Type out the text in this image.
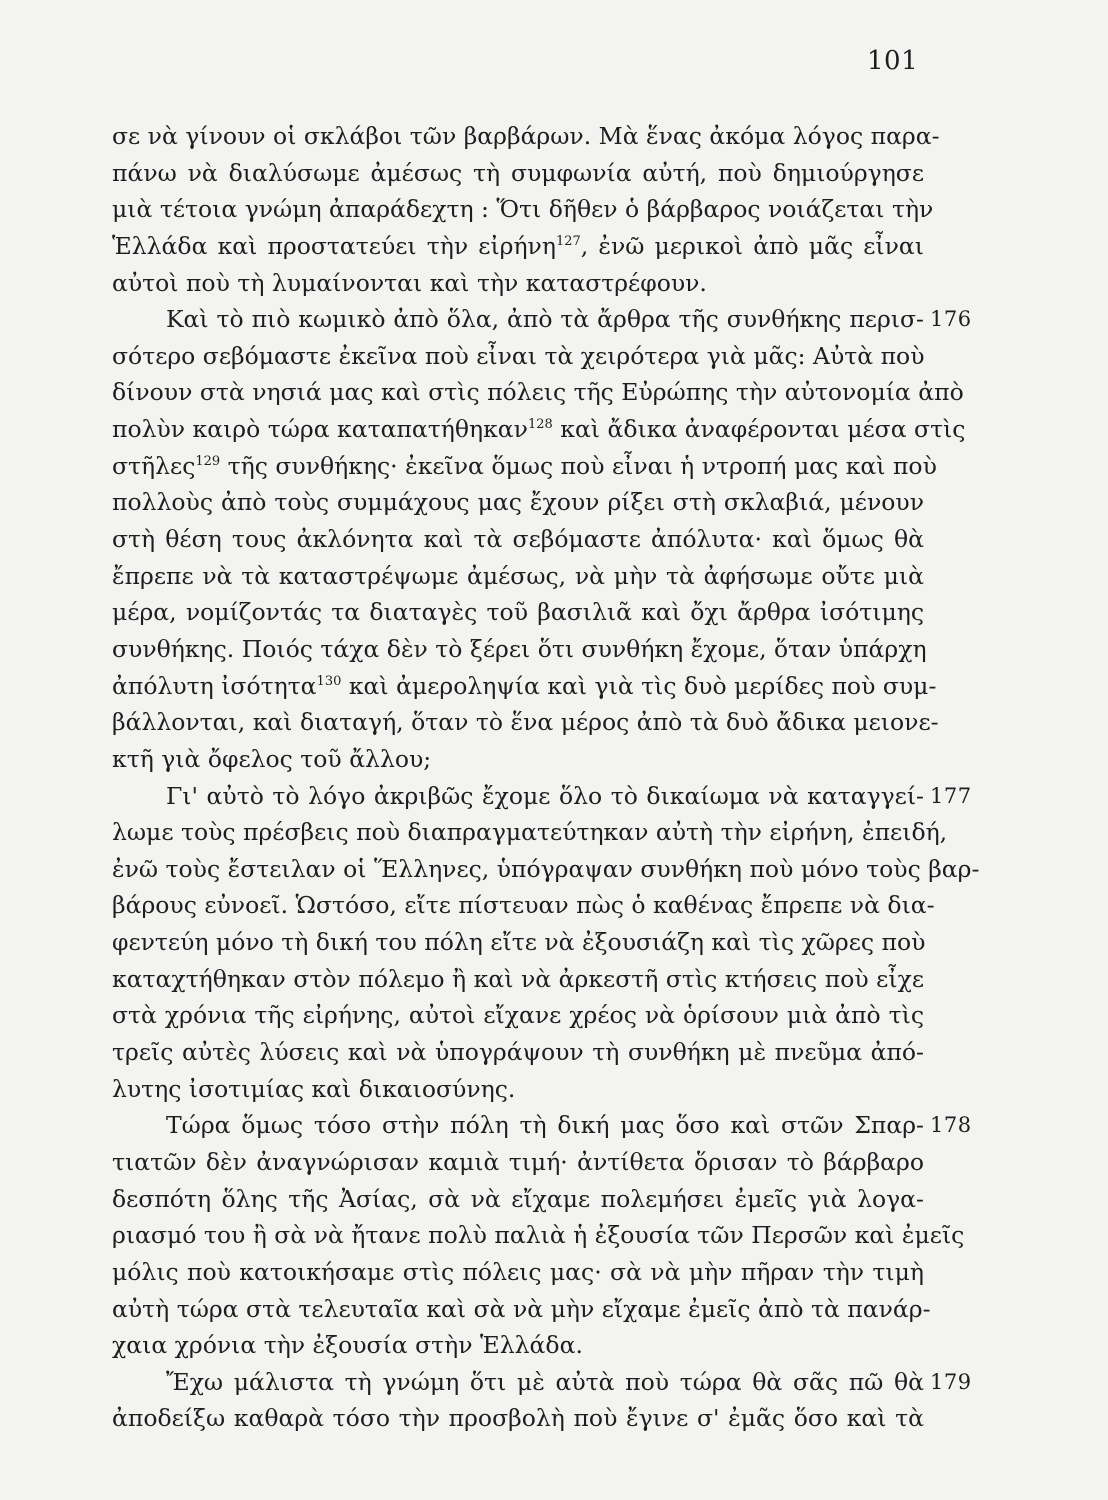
101
σε νὰ γίνουν οἱ σκλάβοι τῶν βαρβάρων. Μὰ ἕνας ἀκόμα λόγος παρα-
πάνω νὰ διαλύσωμε ἀμέσως τὴ συμφωνία αὐτή, ποὺ δημιούργησε
μιὰ τέτοια γνώμη ἀπαράδεχτη : Ὅτι δῆθεν ὁ βάρβαρος νοιάζεται τὴν
Ἑλλάδα καὶ προστατεύει τὴν εἰρήνη$^{127}$, ἐνῶ μερικοὶ ἀπὸ μᾶς εἶναι
αὐτοὶ ποὺ τὴ λυμαίνονται καὶ τὴν καταστρέφουν.
Καὶ τὸ πιὸ κωμικὸ ἀπὸ ὅλα, ἀπὸ τὰ ἄρθρα τῆς συνθήκης περισ- 176
σότερο σεβόμαστε ἐκεῖνα ποὺ εἶναι τὰ χειρότερα γιὰ μᾶς: Αὐτὰ ποὺ
δίνουν στὰ νησιά μας καὶ στὶς πόλεις τῆς Εὐρώπης τὴν αὐτονομία ἀπὸ
πολὺν καιρὸ τώρα καταπατήθηκαν$^{128}$ καὶ ἄδικα ἀναφέρονται μέσα στὶς
στῆλες$^{129}$ τῆς συνθήκης· ἐκεῖνα ὅμως ποὺ εἶναι ἡ ντροπή μας καὶ ποὺ
πολλοὺς ἀπὸ τοὺς συμμάχους μας ἔχουν ρίξει στὴ σκλαβιά, μένουν
στὴ θέση τους ἀκλόνητα καὶ τὰ σεβόμαστε ἀπόλυτα· καὶ ὅμως θὰ
ἔπρεπε νὰ τὰ καταστρέψωμε ἀμέσως, νὰ μὴν τὰ ἀφήσωμε οὔτε μιὰ
μέρα, νομίζοντάς τα διαταγὲς τοῦ βασιλιᾶ καὶ ὄχι ἄρθρα ἰσότιμης
συνθήκης. Ποιός τάχα δὲν τὸ ξέρει ὅτι συνθήκη ἔχομε, ὅταν ὑπάρχη
ἀπόλυτη ἰσότητα$^{130}$ καὶ ἀμεροληψία καὶ γιὰ τὶς δυὸ μερίδες ποὺ συμ-
βάλλονται, καὶ διαταγή, ὅταν τὸ ἕνα μέρος ἀπὸ τὰ δυὸ ἄδικα μειονε-
κτῆ γιὰ ὄφελος τοῦ ἄλλου;
Γι' αὐτὸ τὸ λόγο ἀκριβῶς ἔχομε ὅλο τὸ δικαίωμα νὰ καταγγεί- 177
λωμε τοὺς πρέσβεις ποὺ διαπραγματεύτηκαν αὐτὴ τὴν εἰρήνη, ἐπειδή,
ἐνῶ τοὺς ἔστειλαν οἱ Ἕλληνες, ὑπόγραψαν συνθήκη ποὺ μόνο τοὺς βαρ-
βάρους εὐνοεῖ. Ὡστόσο, εἴτε πίστευαν πὼς ὁ καθένας ἔπρεπε νὰ δια-
φεντεύη μόνο τὴ δική του πόλη εἴτε νὰ ἐξουσιάζη καὶ τὶς χῶρες ποὺ
καταχτήθηκαν στὸν πόλεμο ἢ καὶ νὰ ἀρκεστῆ στὶς κτήσεις ποὺ εἶχε
στὰ χρόνια τῆς εἰρήνης, αὐτοὶ εἴχανε χρέος νὰ ὁρίσουν μιὰ ἀπὸ τὶς
τρεῖς αὐτὲς λύσεις καὶ νὰ ὑπογράψουν τὴ συνθήκη μὲ πνεῦμα ἀπό-
λυτης ἰσοτιμίας καὶ δικαιοσύνης.
Τώρα ὅμως τόσο στὴν πόλη τὴ δική μας ὅσο καὶ στῶν Σπαρ- 178
τιατῶν δὲν ἀναγνώρισαν καμιὰ τιμή· ἀντίθετα ὅρισαν τὸ βάρβαρο
δεσπότη ὅλης τῆς Ἀσίας, σὰ νὰ εἴχαμε πολεμήσει ἐμεῖς γιὰ λογα-
ριασμό του ἢ σὰ νὰ ἤτανε πολὺ παλιὰ ἡ ἐξουσία τῶν Περσῶν καὶ ἐμεῖς
μόλις ποὺ κατοικήσαμε στὶς πόλεις μας· σὰ νὰ μὴν πῆραν τὴν τιμὴ
αὐτὴ τώρα στὰ τελευταῖα καὶ σὰ νὰ μὴν εἴχαμε ἐμεῖς ἀπὸ τὰ πανάρ-
χαια χρόνια τὴν ἐξουσία στὴν Ἑλλάδα.
Ἔχω μάλιστα τὴ γνώμη ὅτι μὲ αὐτὰ ποὺ τώρα θὰ σᾶς πῶ θὰ 179
ἀποδείξω καθαρὰ τόσο τὴν προσβολὴ ποὺ ἔγινε σ' ἐμᾶς ὅσο καὶ τὰ
